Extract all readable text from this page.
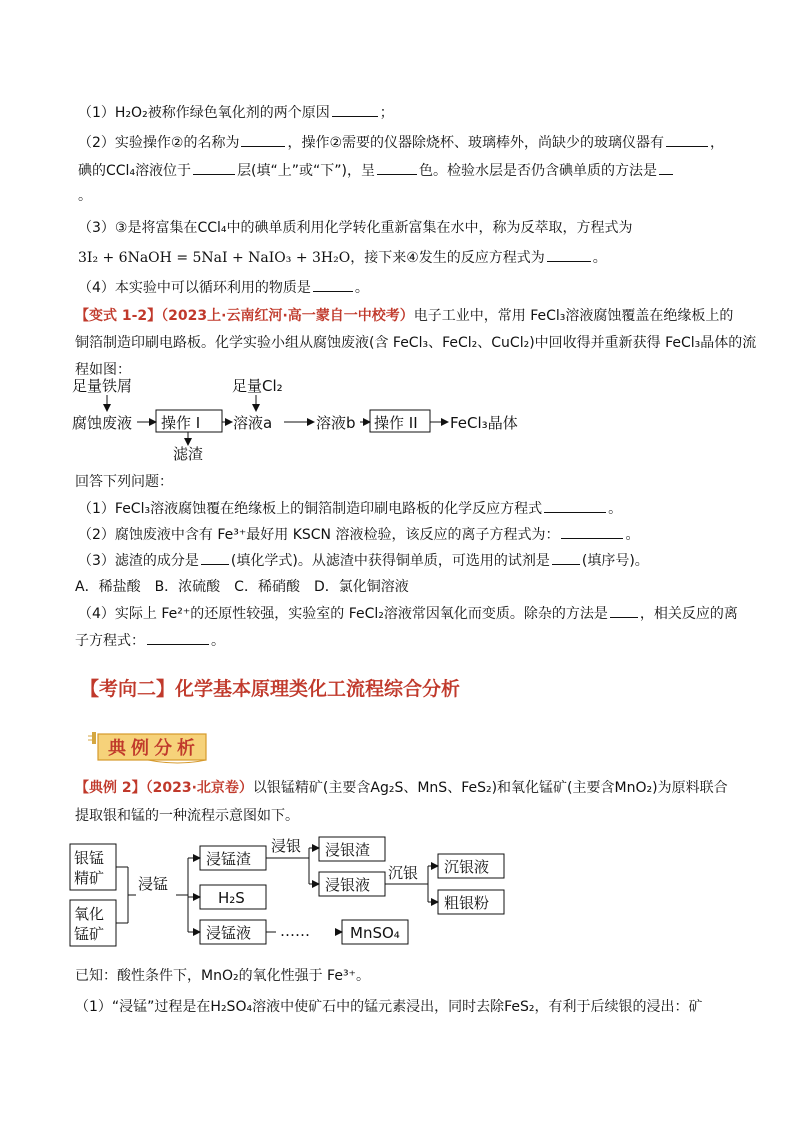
（1）H₂O₂被称作绿色氧化剂的两个原因	；
（2）实验操作②的名称为	，操作②需要的仪器除烧杯、玻璃棒外，尚缺少的玻璃仪器有	，
碘的CCl₄溶液位于	层(填“上”或“下”)，呈	色。检验水层是否仍含碘单质的方法是
。
（3）③是将富集在CCl₄中的碘单质利用化学转化重新富集在水中，称为反萃取，方程式为
3I₂ + 6NaOH = 5NaI + NaIO₃ + 3H₂O，接下来④发生的反应方程式为	。
（4）本实验中可以循环利用的物质是	。
【变式 1-2】（2023上·云南红河·高一蒙自一中校考）电子工业中，常用 FeCl₃溶液腐蚀覆盖在绝缘板上的
铜箔制造印刷电路板。化学实验小组从腐蚀废液(含 FeCl₃、FeCl₂、CuCl₂)中回收得并重新获得 FeCl₃晶体的流
程如图：
足量铁屑	足量Cl₂
腐蚀废液 操作 I 溶液a	溶液b 操作 II FeCl₃晶体
滤渣
回答下列问题：
（1）FeCl₃溶液腐蚀覆在绝缘板上的铜箔制造印刷电路板的化学反应方程式	。
（2）腐蚀废液中含有 Fe³⁺最好用 KSCN 溶液检验，该反应的离子方程式为：	。
（3）滤渣的成分是 (填化学式)。从滤渣中获得铜单质，可选用的试剂是 (填序号)。
A．稀盐酸　B．浓硫酸　C．稀硝酸　D．氯化铜溶液
（4）实际上 Fe²⁺的还原性较强，实验室的 FeCl₂溶液常因氧化而变质。除杂的方法是 ，相关反应的离
子方程式：	。
【考向二】化学基本原理类化工流程综合分析
典例分析
【典例 2】（2023·北京卷）以银锰精矿(主要含Ag₂S、MnS、FeS₂)和氧化锰矿(主要含MnO₂)为原料联合
提取银和锰的一种流程示意图如下。
银锰精矿
氧化锰矿
浸锰
浸锰渣
H₂S
浸锰液
浸银 浸银渣
浸银液
沉银 沉银液
粗银粉
……	MnSO₄
已知：酸性条件下，MnO₂的氧化性强于 Fe³⁺。
（1）“浸锰”过程是在H₂SO₄溶液中使矿石中的锰元素浸出，同时去除FeS₂，有利于后续银的浸出：矿
